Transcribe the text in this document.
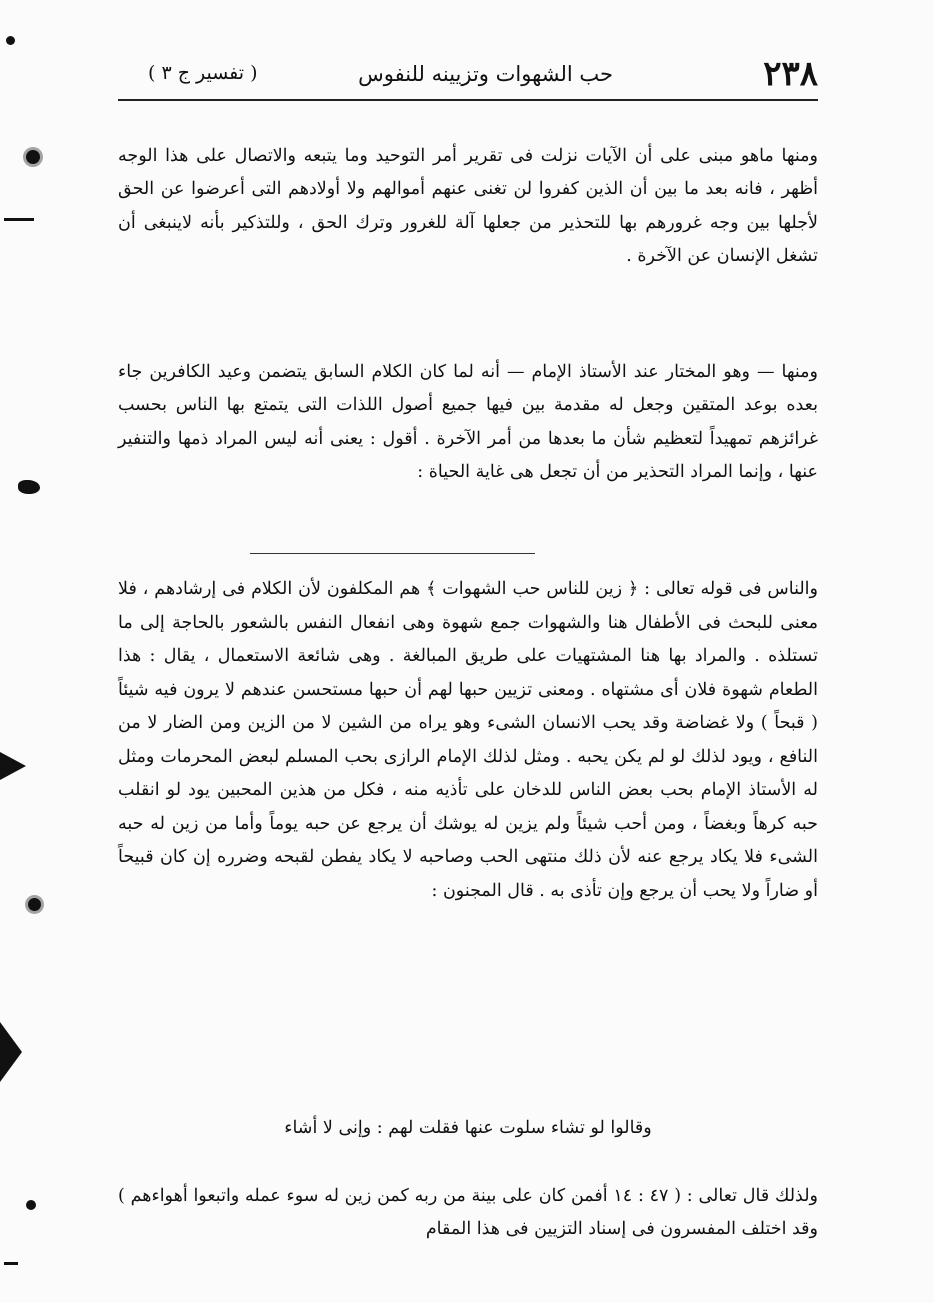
٢٣٨
حب الشهوات وتزيينه للنفوس
( تفسير ج ٣ )

ومنها ماهو مبنى على أن الآيات نزلت فى تقرير أمر التوحيد وما يتبعه والاتصال على هذا الوجه أظهر ، فانه بعد ما بين أن الذين كفروا لن تغنى عنهم أموالهم ولا أولادهم التى أعرضوا عن الحق لأجلها بين وجه غرورهم بها للتحذير من جعلها آلة للغرور وترك الحق ، وللتذكير بأنه لاينبغى أن تشغل الإنسان عن الآخرة .

ومنها — وهو المختار عند الأستاذ الإمام — أنه لما كان الكلام السابق يتضمن وعيد الكافرين جاء بعده بوعد المتقين وجعل له مقدمة بين فيها جميع أصول اللذات التى يتمتع بها الناس بحسب غرائزهم تمهيداً لتعظيم شأن ما بعدها من أمر الآخرة . أقول : يعنى أنه ليس المراد ذمها والتنفير عنها ، وإنما المراد التحذير من أن تجعل هى غاية الحياة :

والناس فى قوله تعالى : ﴿ زين للناس حب الشهوات ﴾ هم المكلفون لأن الكلام فى إرشادهم ، فلا معنى للبحث فى الأطفال هنا والشهوات جمع شهوة وهى انفعال النفس بالشعور بالحاجة إلى ما تستلذه . والمراد بها هنا المشتهيات على طريق المبالغة . وهى شائعة الاستعمال ، يقال : هذا الطعام شهوة فلان أى مشتهاه . ومعنى تزيين حبها لهم أن حبها مستحسن عندهم لا يرون فيه شيئاً ( قبحاً ) ولا غضاضة وقد يحب الانسان الشىء وهو يراه من الشين لا من الزين ومن الضار لا من النافع ، ويود لذلك لو لم يكن يحبه . ومثل لذلك الإمام الرازى بحب المسلم لبعض المحرمات ومثل له الأستاذ الإمام بحب بعض الناس للدخان على تأذيه منه ، فكل من هذين المحبين يود لو انقلب حبه كرهاً وبغضاً ، ومن أحب شيئاً ولم يزين له يوشك أن يرجع عن حبه يوماً وأما من زين له حبه الشىء فلا يكاد يرجع عنه لأن ذلك منتهى الحب وصاحبه لا يكاد يفطن لقبحه وضرره إن كان قبيحاً أو ضاراً ولا يحب أن يرجع وإن تأذى به . قال المجنون :
وقالوا لو تشاء سلوت عنها فقلت لهم : وإنى لا أشاء

ولذلك قال تعالى : ( ٤٧ : ١٤ أفمن كان على بينة من ربه كمن زين له سوء عمله واتبعوا أهواءهم ) وقد اختلف المفسرون فى إسناد التزيين فى هذا المقام
